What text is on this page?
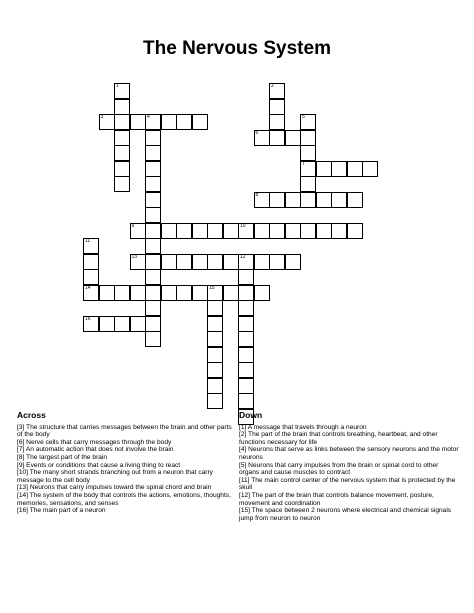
The Nervous System
1	2
3	4	5
7
6
8
9	10
11
14
12
13
15
16
Across
[3] The structure that carries messages between the brain and other parts of the body
[6] Nerve cells that carry messages through the body
[7] An automatic action that does not involve the brain
[8] The largest part of the brain
[9] Events or conditions that cause a living thing to react
[10] The many short strands branching out from a neuron that carry message to the cell body
[13] Neurons that carry impulses toward the spinal chord and brain
[14] The system of the body that controls the actions, emotions, thoughts, memories, sensations, and senses
[16] The main part of a neuron
Down
[1] A message that travels through a neuron
[2] The part of the brain that controls breathing, heartbeat, and other functions necessary for life
[4] Neurons that serve as links between the sensory neurons and the motor neurons
[5] Neurons that carry impulses from the brain or spinal cord to other organs and cause muscles to contract
[11] The main control center of the nervous system that is protected by the skull
[12] The part of the brain that controls balance movement, posture, movement and coordination
[15] The space between 2 neurons where electrical and chemical signals jump from neuron to neuron
